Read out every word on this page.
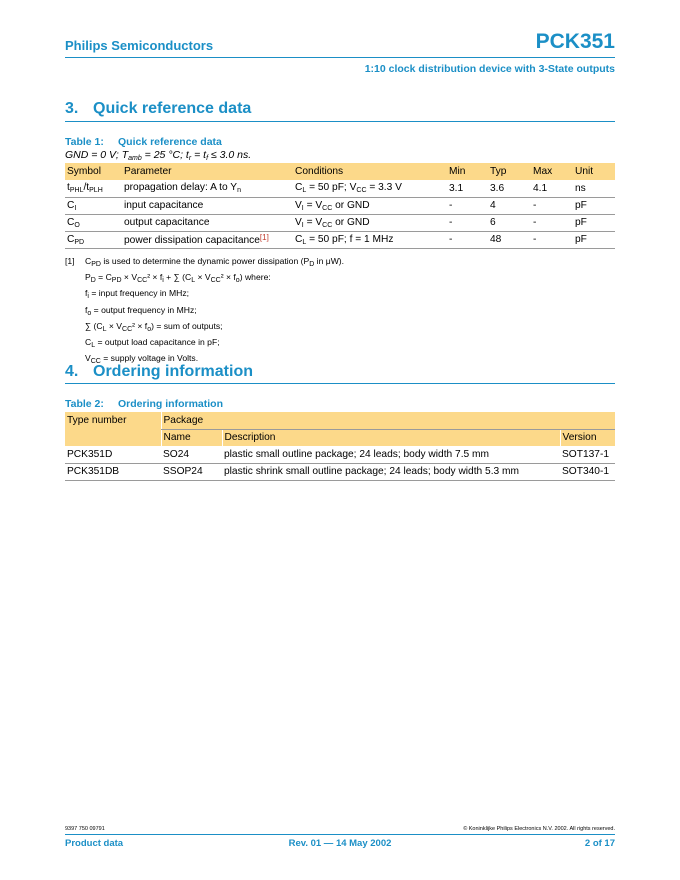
Philips Semiconductors	PCK351
1:10 clock distribution device with 3-State outputs
3. Quick reference data
Table 1: Quick reference data
GND = 0 V; $T_{amb} = 25$ °C; $t_r = t_f \le 3.0$ ns.
Symbol	Parameter	Conditions	Min	Typ	Max	Unit
$t_{PHL}/t_{PLH}$	propagation delay: A to $Y_n$	$C_L = 50$ pF; $V_{CC} = 3.3$ V	3.1	3.6	4.1	ns
$C_I$	input capacitance	$V_I = V_{CC}$ or GND	-	4	-	pF
$C_O$	output capacitance	$V_I = V_{CC}$ or GND	-	6	-	pF
$C_{PD}$	power dissipation capacitance[1]	$C_L = 50$ pF; f = 1 MHz	-	48	-	pF
[1] $C_{PD}$ is used to determine the dynamic power dissipation ($P_D$ in μW).
$P_D = C_{PD} \times V_{CC}^2 \times f_i$ + ∑ $(C_L \times V_{CC}^2 \times f_o)$ where:
$f_i$ = input frequency in MHz;
$f_o$ = output frequency in MHz;
∑ $(C_L \times V_{CC}^2 \times f_o)$ = sum of outputs;
$C_L$ = output load capacitance in pF;
$V_{CC}$ = supply voltage in Volts.
4. Ordering information
Table 2: Ordering information
Type number	Package		
	Name	Description	Version
PCK351D	SO24	plastic small outline package; 24 leads; body width 7.5 mm	SOT137-1
PCK351DB	SSOP24	plastic shrink small outline package; 24 leads; body width 5.3 mm	SOT340-1
9397 750 09791	© Koninklijke Philips Electronics N.V. 2002. All rights reserved.
Product data	Rev. 01 — 14 May 2002	2 of 17
